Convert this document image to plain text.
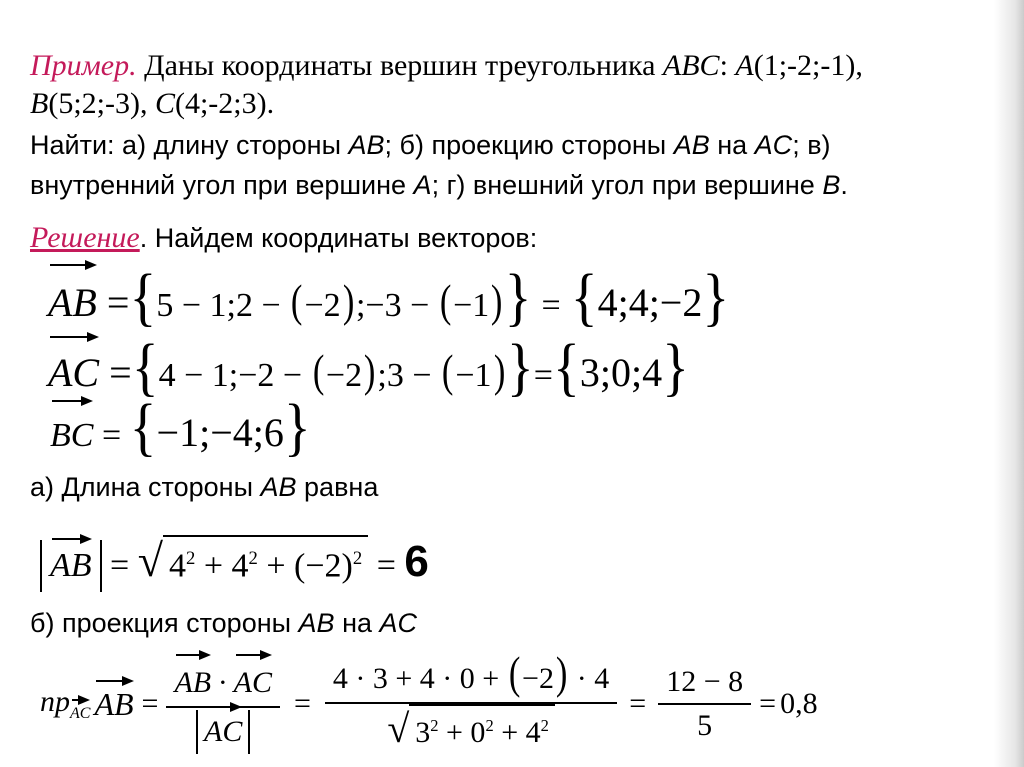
Пример. Даны координаты вершин треугольника ABC: A(1;-2;-1),
B(5;2;-3), C(4;-2;3).
Найти: а) длину стороны AB; б) проекцию стороны AB на AC; в)
внутренний угол при вершине A; г) внешний угол при вершине B.
Решение. Найдем координаты векторов:
AB ={5 − 1;2 − (−2);−3 − (−1)} = {4;4;−2}
AC ={4 − 1;−2 − (−2);3 − (−1)}={3;0;4}
BC = {−1;−4;6}
а) Длина стороны AB равна
AB = √ $4^2 + 4^2 + (-2)^2 = 6$
б) проекция стороны AB на AC
$пр_{AC}$ AB = $\frac{AB \cdot AC}{AC} = \frac{4 \cdot 3 + 4 \cdot 0 + (-2) \cdot 4}{√ 3^2 + 0^2 + 4^2} = \frac{12 - 8}{5} = 0,8$
